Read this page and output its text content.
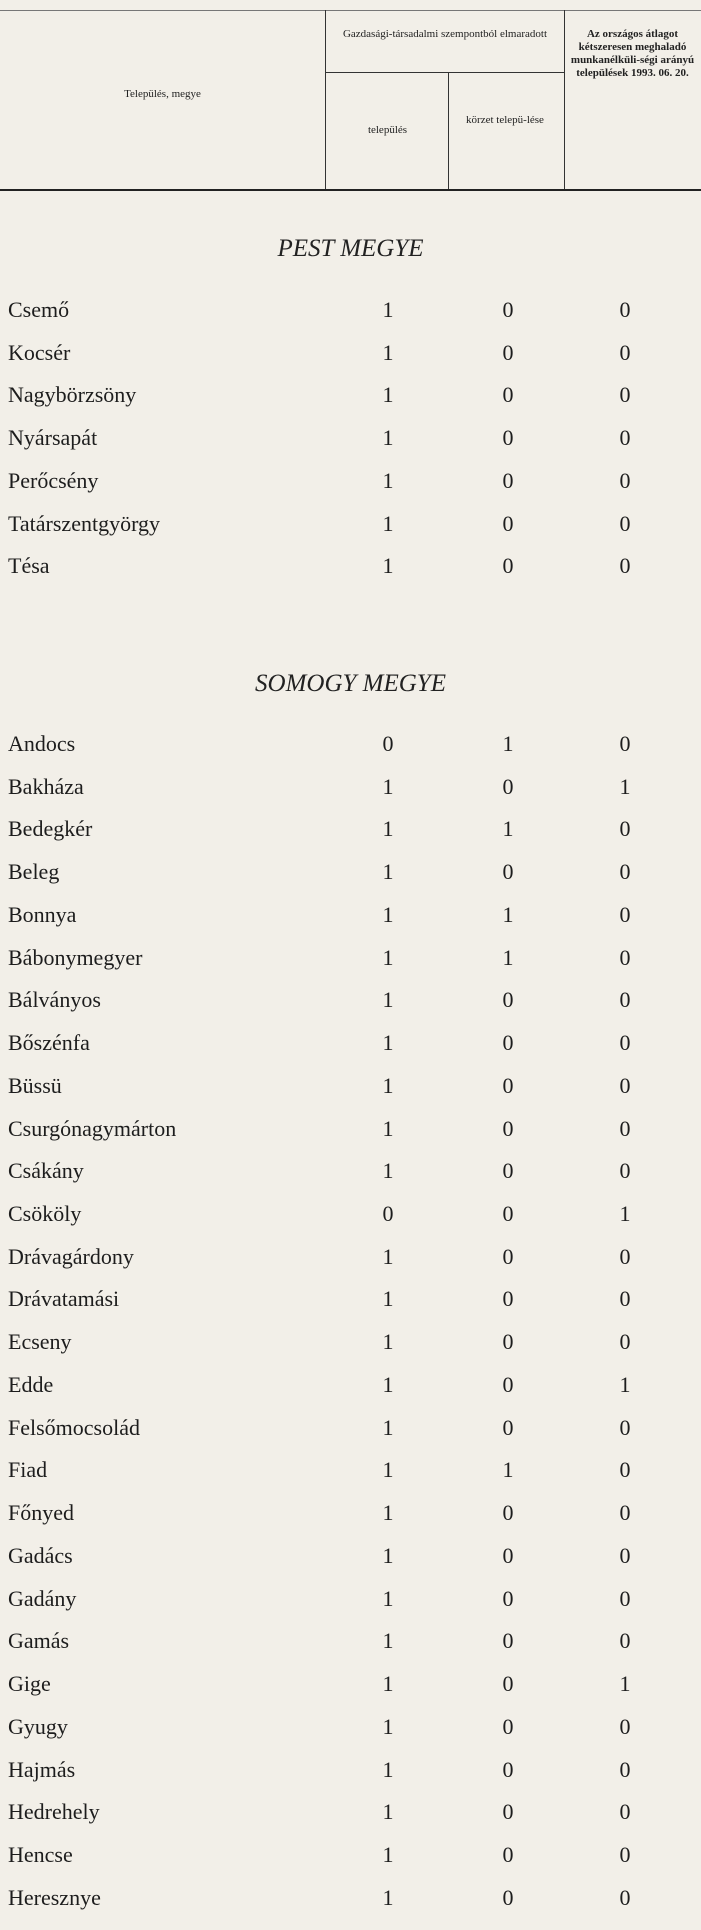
Település, megye
Gazdasági-társadalmi szempontból elmaradott
település
körzet telepü-lése
Az országos átlagot kétszeresen meghaladó munkanélküli-ségi arányú települések 1993. 06. 20.
PEST MEGYE
Csemő	1	0	0
Kocsér	1	0	0
Nagybörzsöny	1	0	0
Nyársapát	1	0	0
Perőcsény	1	0	0
Tatárszentgyörgy	1	0	0
Tésa	1	0	0
SOMOGY MEGYE
Andocs	0	1	0
Bakháza	1	0	1
Bedegkér	1	1	0
Beleg	1	0	0
Bonnya	1	1	0
Bábonymegyer	1	1	0
Bálványos	1	0	0
Bőszénfa	1	0	0
Büssü	1	0	0
Csurgónagymárton	1	0	0
Csákány	1	0	0
Csököly	0	0	1
Drávagárdony	1	0	0
Drávatamási	1	0	0
Ecseny	1	0	0
Edde	1	0	1
Felsőmocsolád	1	0	0
Fiad	1	1	0
Főnyed	1	0	0
Gadács	1	0	0
Gadány	1	0	0
Gamás	1	0	0
Gige	1	0	1
Gyugy	1	0	0
Hajmás	1	0	0
Hedrehely	1	0	0
Hencse	1	0	0
Heresznye	1	0	0
